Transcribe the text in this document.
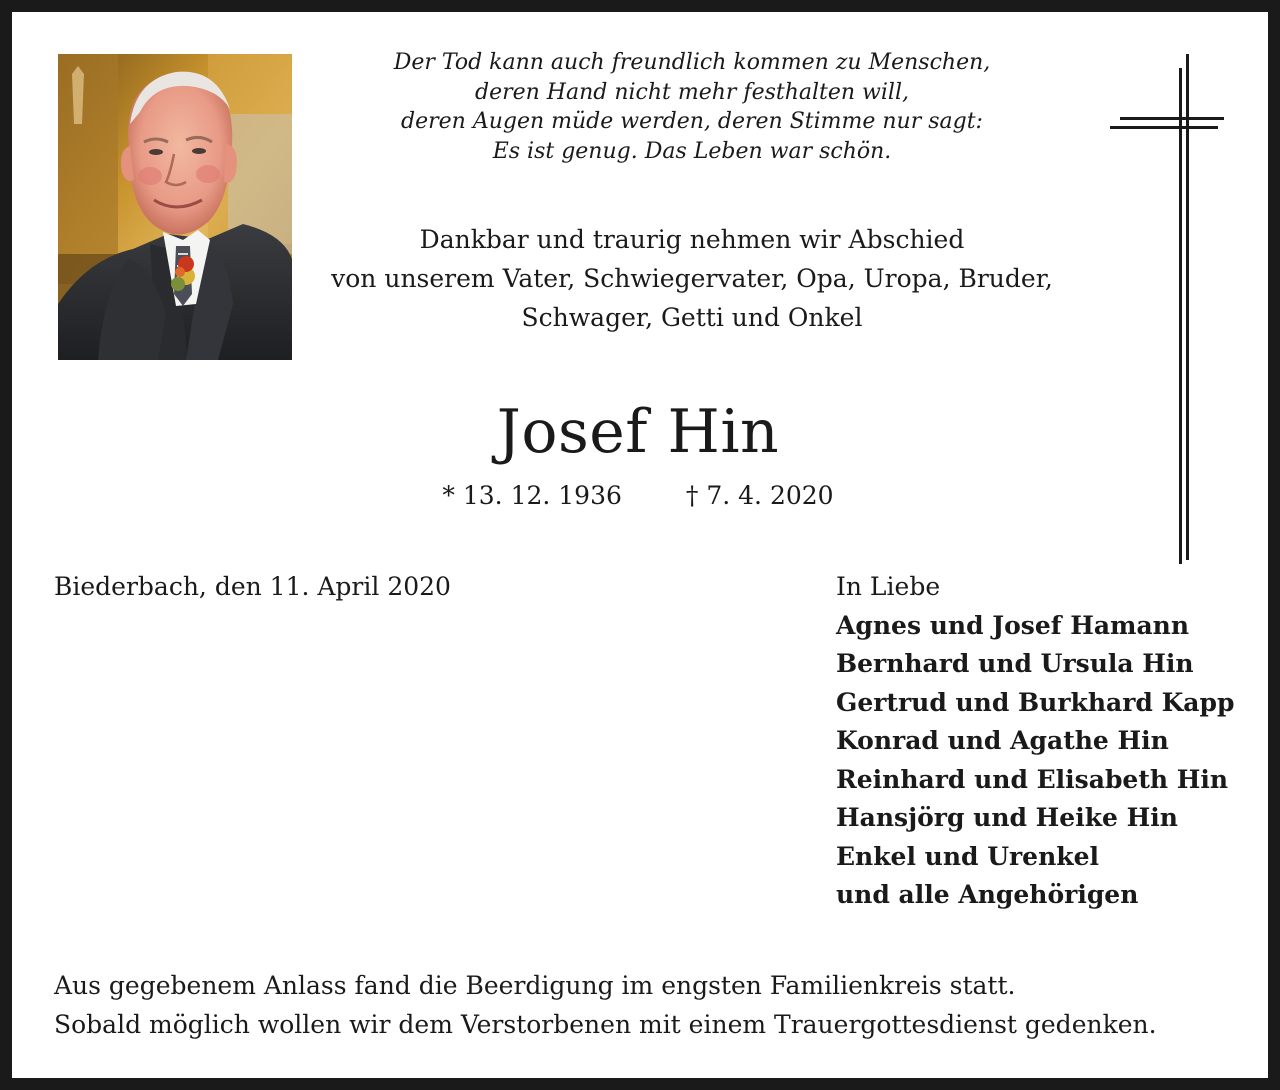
Der Tod kann auch freundlich kommen zu Menschen,
deren Hand nicht mehr festhalten will,
deren Augen müde werden, deren Stimme nur sagt:
Es ist genug. Das Leben war schön.
Dankbar und traurig nehmen wir Abschied
von unserem Vater, Schwiegervater, Opa, Uropa, Bruder,
Schwager, Getti und Onkel
Josef Hin
* 13. 12. 1936	† 7. 4. 2020
Biederbach, den 11. April 2020	In Liebe
Agnes und Josef Hamann
Bernhard und Ursula Hin
Gertrud und Burkhard Kapp
Konrad und Agathe Hin
Reinhard und Elisabeth Hin
Hansjörg und Heike Hin
Enkel und Urenkel
und alle Angehörigen
Aus gegebenem Anlass fand die Beerdigung im engsten Familienkreis statt.
Sobald möglich wollen wir dem Verstorbenen mit einem Trauergottesdienst gedenken.
